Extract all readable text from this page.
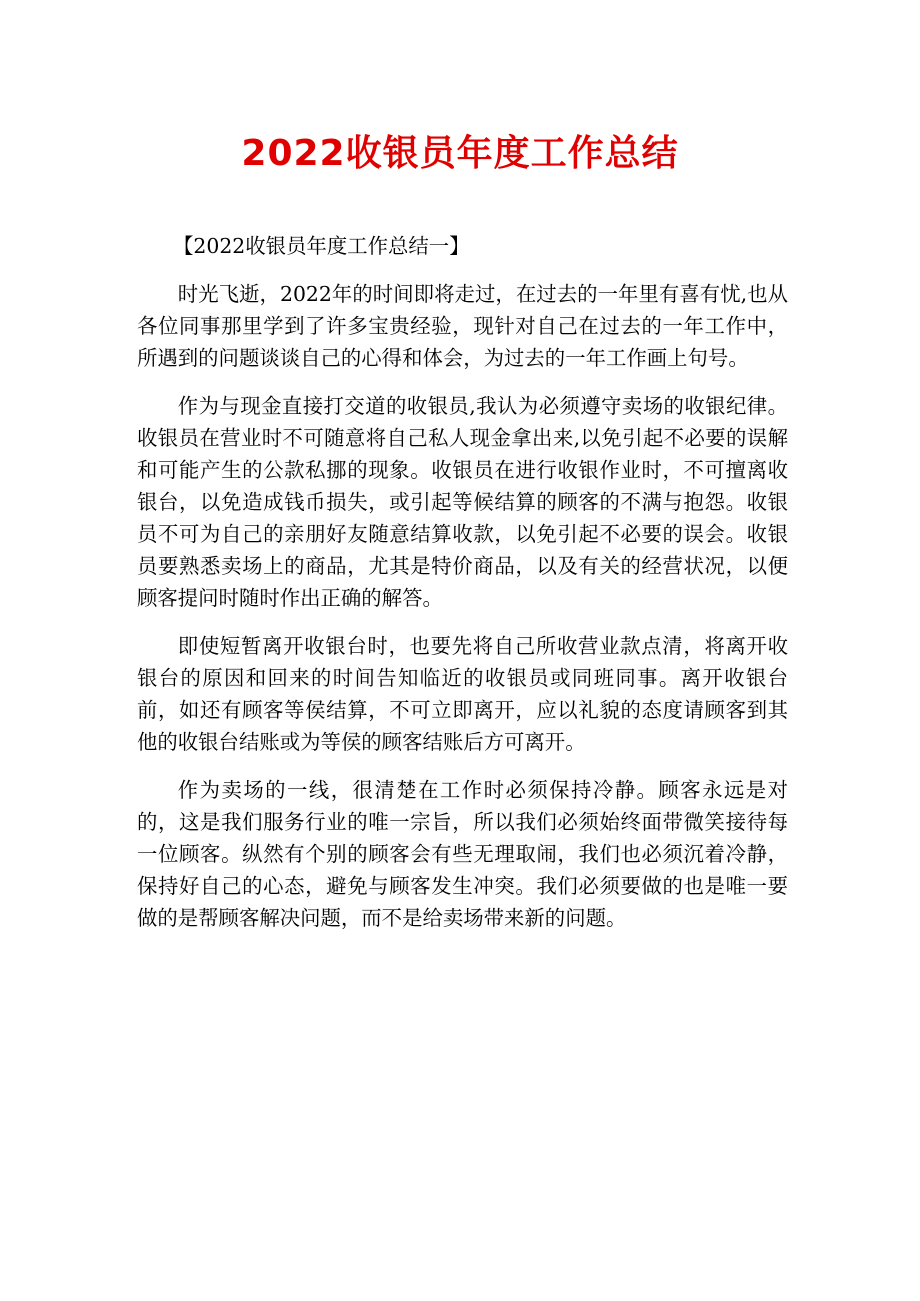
2022收银员年度工作总结

【2022收银员年度工作总结一】

时光飞逝，2022年的时间即将走过，在过去的一年里有喜有忧,也从各位同事那里学到了许多宝贵经验，现针对自己在过去的一年工作中，所遇到的问题谈谈自己的心得和体会，为过去的一年工作画上句号。

作为与现金直接打交道的收银员,我认为必须遵守卖场的收银纪律。收银员在营业时不可随意将自己私人现金拿出来,以免引起不必要的误解和可能产生的公款私挪的现象。收银员在进行收银作业时，不可擅离收银台，以免造成钱币损失，或引起等候结算的顾客的不满与抱怨。收银员不可为自己的亲朋好友随意结算收款，以免引起不必要的误会。收银员要熟悉卖场上的商品，尤其是特价商品，以及有关的经营状况，以便顾客提问时随时作出正确的解答。

即使短暂离开收银台时，也要先将自己所收营业款点清，将离开收银台的原因和回来的时间告知临近的收银员或同班同事。离开收银台前，如还有顾客等侯结算，不可立即离开，应以礼貌的态度请顾客到其他的收银台结账或为等侯的顾客结账后方可离开。

作为卖场的一线，很清楚在工作时必须保持冷静。顾客永远是对的，这是我们服务行业的唯一宗旨，所以我们必须始终面带微笑接待每一位顾客。纵然有个别的顾客会有些无理取闹，我们也必须沉着冷静，保持好自己的心态，避免与顾客发生冲突。我们必须要做的也是唯一要做的是帮顾客解决问题，而不是给卖场带来新的问题。
